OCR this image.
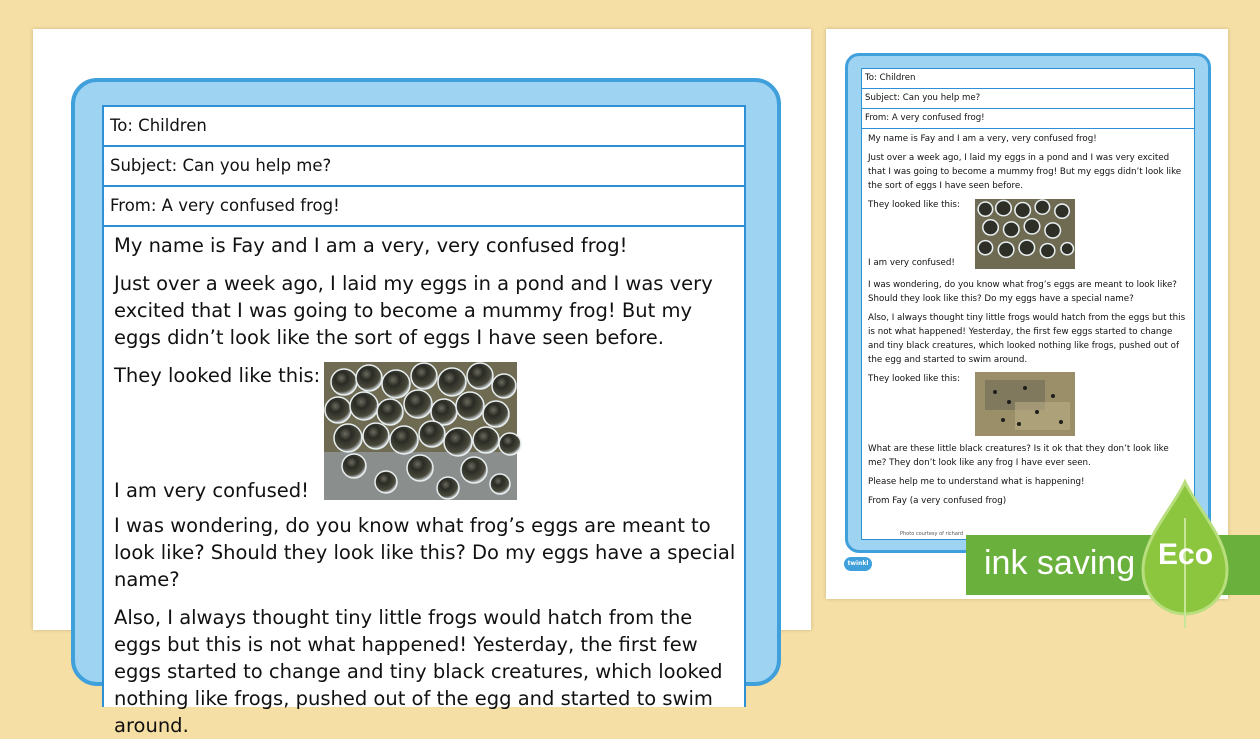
To: Children
Subject: Can you help me?
From: A very confused frog!

My name is Fay and I am a very, very confused frog!

Just over a week ago, I laid my eggs in a pond and I was very excited that I was going to become a mummy frog! But my eggs didn’t look like the sort of eggs I have seen before.

They looked like this:
I am very confused!

I was wondering, do you know what frog’s eggs are meant to look like? Should they look like this? Do my eggs have a special name?

Also, I always thought tiny little frogs would hatch from the eggs but this is not what happened! Yesterday, the first few eggs started to change and tiny black creatures, which looked nothing like frogs, pushed out of the egg and started to swim around.

To: Children
Subject: Can you help me?
From: A very confused frog!

My name is Fay and I am a very, very confused frog!

Just over a week ago, I laid my eggs in a pond and I was very excited that I was going to become a mummy frog! But my eggs didn’t look like the sort of eggs I have seen before.

They looked like this:
I am very confused!

I was wondering, do you know what frog’s eggs are meant to look like? Should they look like this? Do my eggs have a special name?

Also, I always thought tiny little frogs would hatch from the eggs but this is not what happened! Yesterday, the first few eggs started to change and tiny black creatures, which looked nothing like frogs, pushed out of the egg and started to swim around.

They looked like this:

What are these little black creatures? Is it ok that they don’t look like me? They don’t look like any frog I have ever seen.

Please help me to understand what is happening!

From Fay (a very confused frog)

Photo courtesy of richard
twinkl	ink saving Eco
